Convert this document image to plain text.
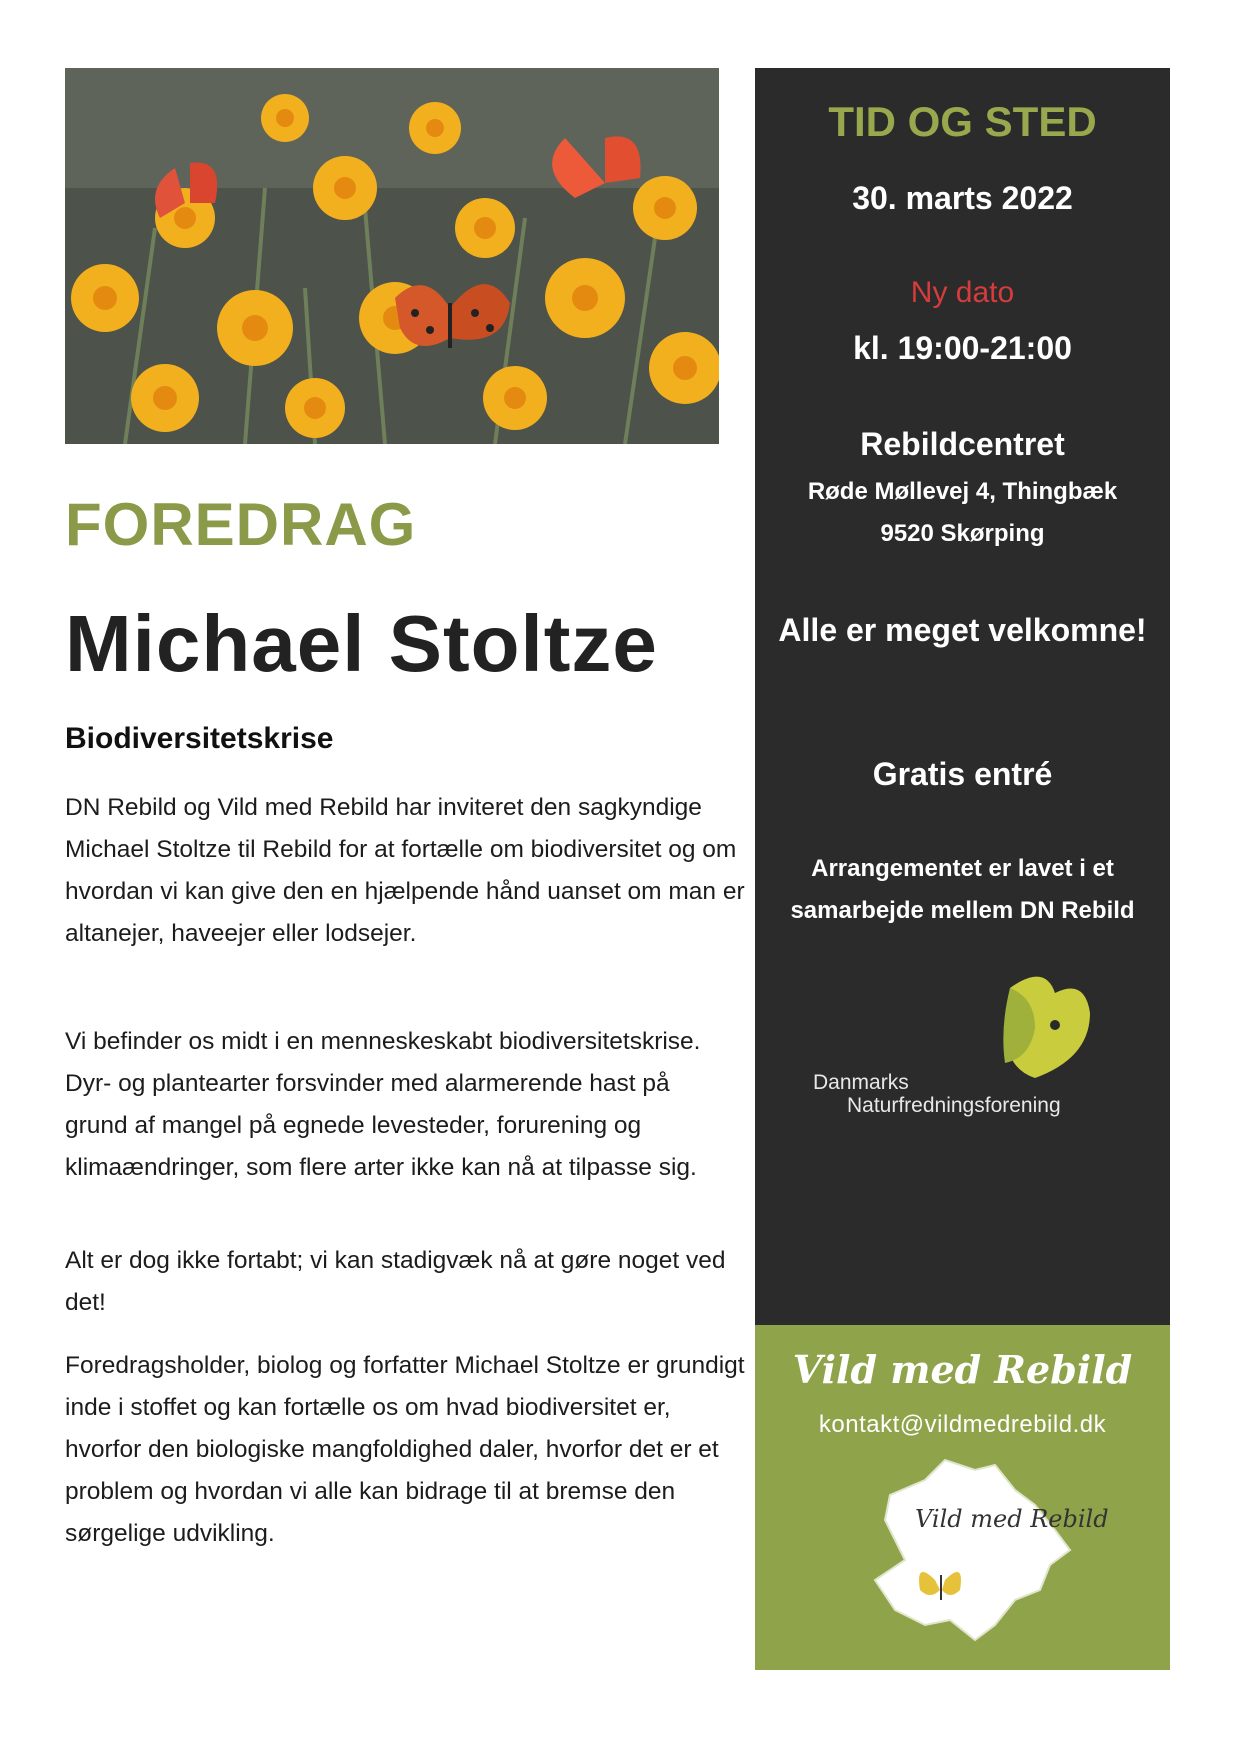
FOREDRAG

Michael Stoltze
Biodiversitetskrise

DN Rebild og Vild med Rebild har inviteret den sagkyndige Michael Stoltze til Rebild for at fortælle om biodiversitet og om hvordan vi kan give den en hjælpende hånd uanset om man er altanejer, haveejer eller lodsejer.

Vi befinder os midt i en menneskeskabt biodiversitetskrise. Dyr- og plantearter forsvinder med alarmerende hast på grund af mangel på egnede levesteder, forurening og klimaændringer, som flere arter ikke kan nå at tilpasse sig.

Alt er dog ikke fortabt; vi kan stadigvæk nå at gøre noget ved det!

Foredragsholder, biolog og forfatter Michael Stoltze er grundigt inde i stoffet og kan fortælle os om hvad biodiversitet er, hvorfor den biologiske mangfoldighed daler, hvorfor det er et problem og hvordan vi alle kan bidrage til at bremse den sørgelige udvikling.

TID OG STED

30. marts 2022

Ny dato

kl. 19:00-21:00

Rebildcentret

Røde Møllevej 4, Thingbæk

9520 Skørping

Alle er meget velkomne!

Gratis entré

Arrangementet er lavet i et samarbejde mellem DN Rebild

Danmarks
Naturfredningsforening

Vild med Rebild

kontakt@vildmedrebild.dk
Vild med Rebild
